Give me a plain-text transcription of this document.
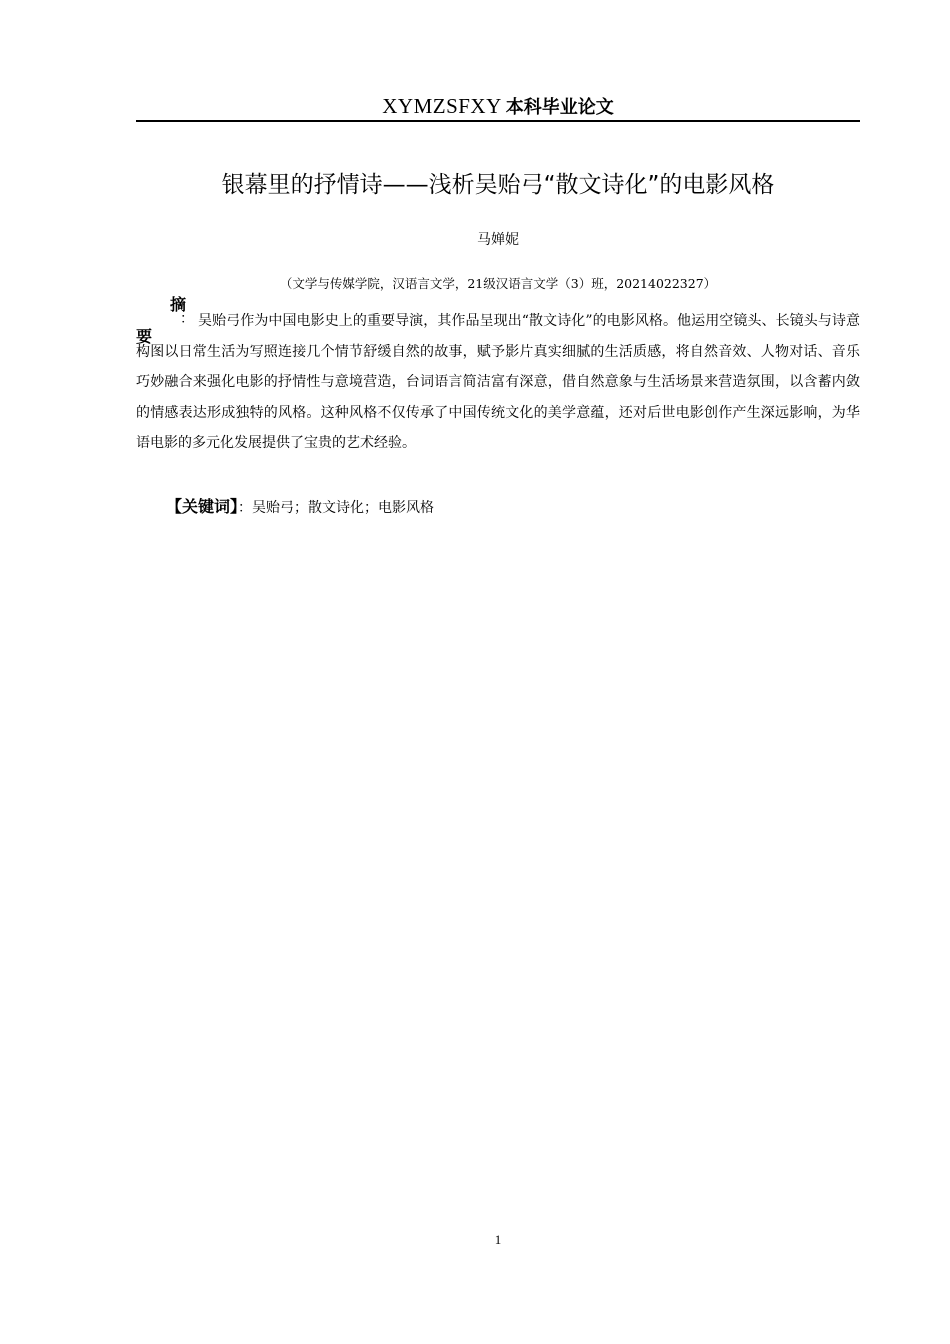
XYMZSFXY 本科毕业论文
银幕里的抒情诗——浅析吴贻弓“散文诗化”的电影风格
马婵妮
（文学与传媒学院，汉语言文学，21级汉语言文学（3）班，20214022327）

吴贻弓作为中国电影史上的重要导演，其作品呈现出“散文诗化”的电影风格。他运用空镜头、长镜头与诗意构图以日常生活为写照连接几个情节舒缓自然的故事，赋予影片真实细腻的生活质感，将自然音效、人物对话、音乐巧妙融合来强化电影的抒情性与意境营造，台词语言简洁富有深意，借自然意象与生活场景来营造氛围，以含蓄内敛的情感表达形成独特的风格。这种风格不仅传承了中国传统文化的美学意蕴，还对后世电影创作产生深远影响，为华语电影的多元化发展提供了宝贵的艺术经验。

摘
要
：
【关键词】：吴贻弓；散文诗化；电影风格
1
